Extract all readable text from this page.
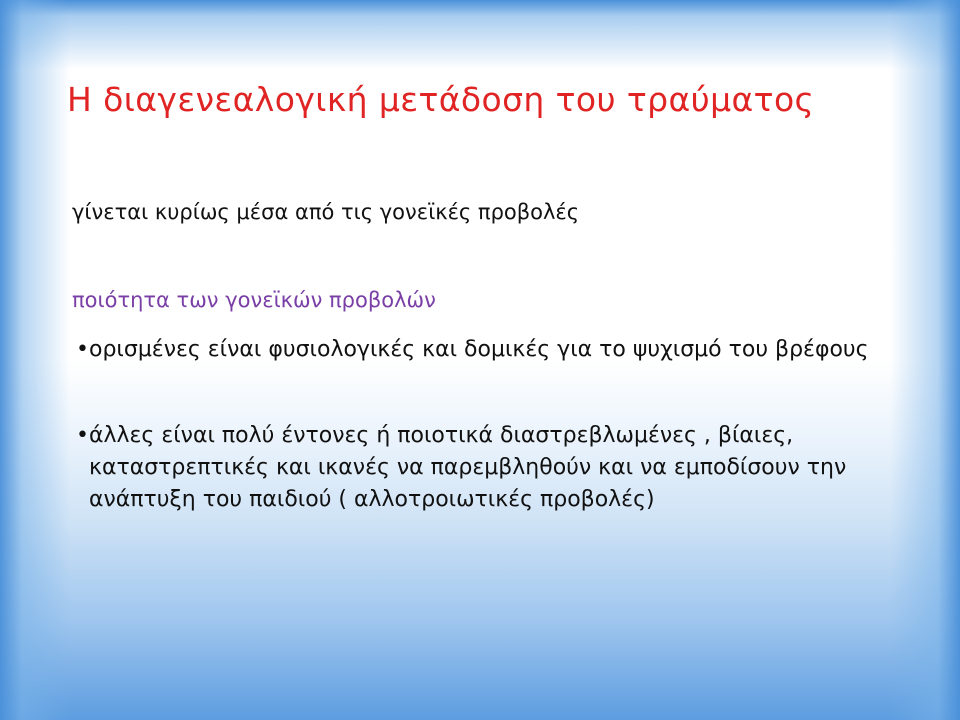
Η διαγενεαλογική μετάδοση του τραύματος
γίνεται κυρίως μέσα από τις γονεϊκές προβολές
ποιότητα των γονεϊκών προβολών
• ορισμένες είναι φυσιολογικές και δομικές για το ψυχισμό του βρέφους
• άλλες είναι πολύ έντονες ή ποιοτικά διαστρεβλωμένες , βίαιες, καταστρεπτικές και ικανές να παρεμβληθούν και να εμποδίσουν την ανάπτυξη του παιδιού ( αλλοτροιωτικές προβολές)
